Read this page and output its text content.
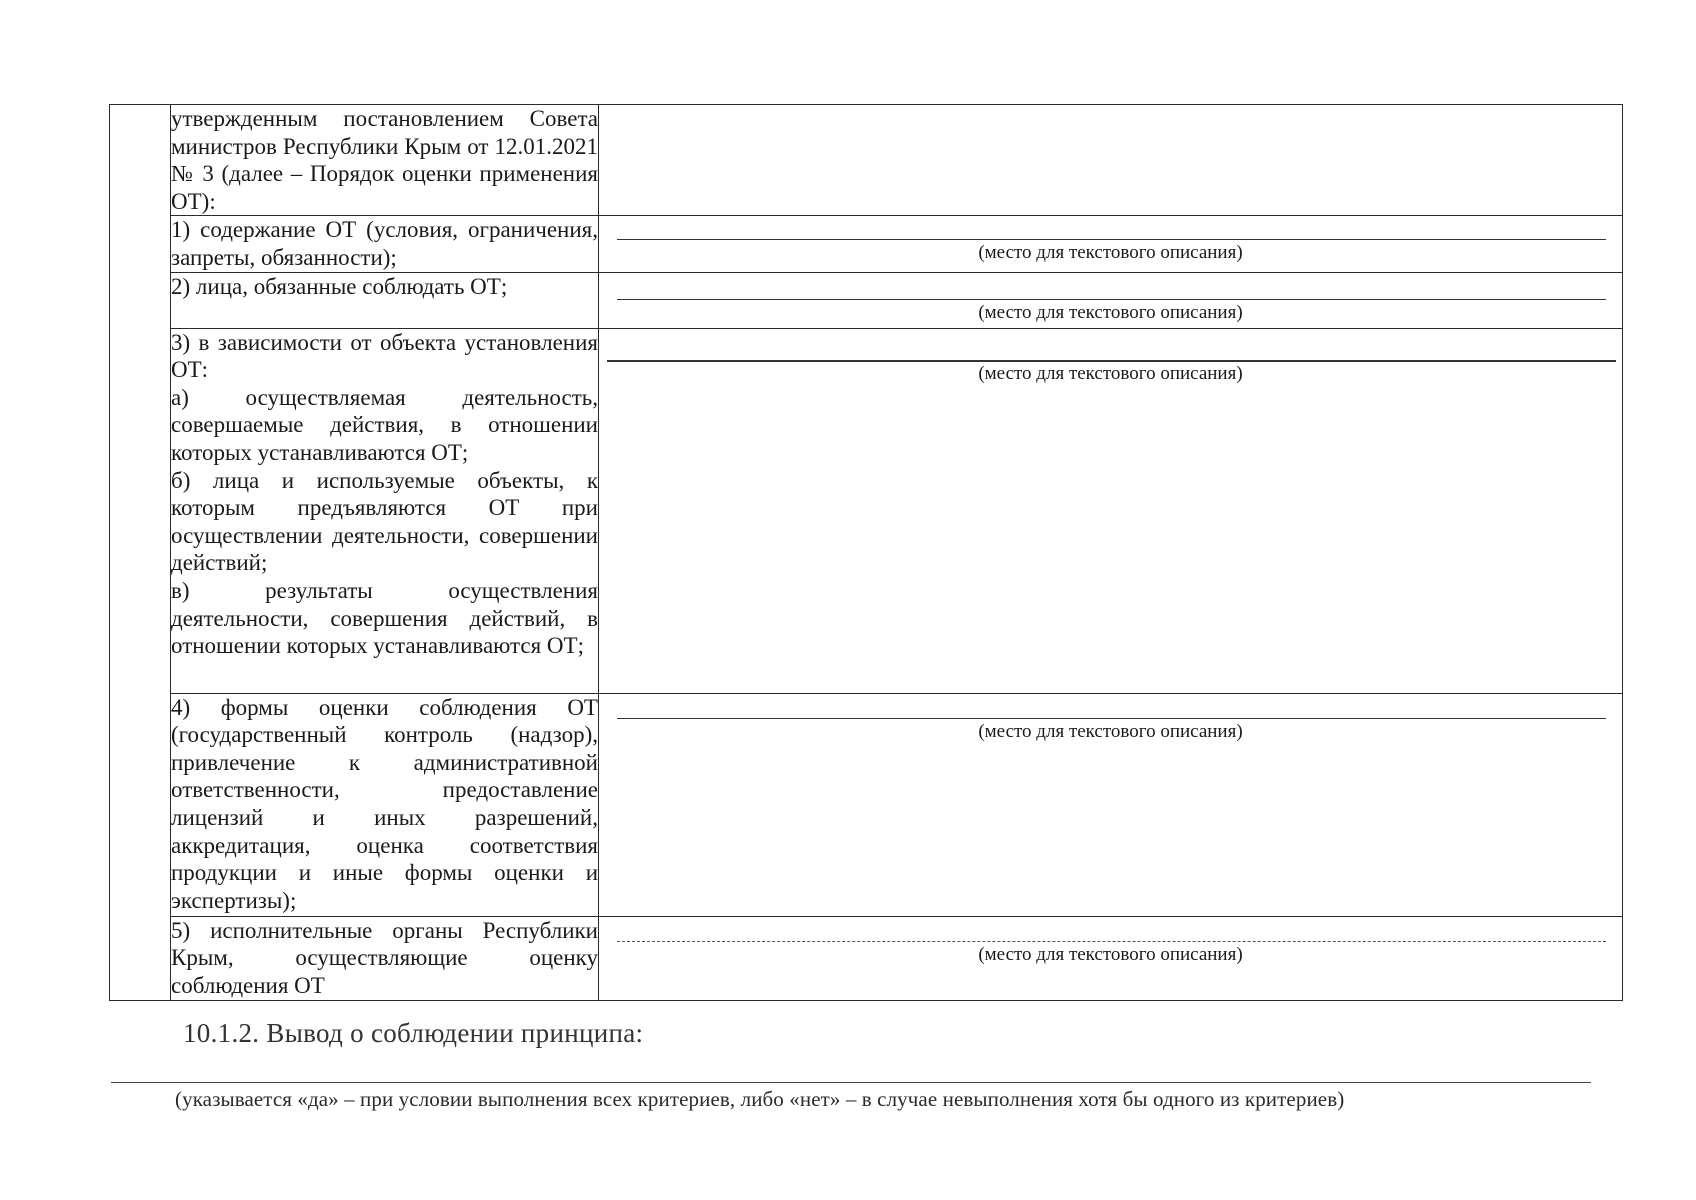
	утвержденным постановлением Совета министров Республики Крым от 12.01.2021 № 3 (далее – Порядок оценки применения ОТ):	

	1) содержание ОТ (условия, ограничения, запреты, обязанности);	(место для текстового описания)

	2) лица, обязанные соблюдать ОТ;	(место для текстового описания)

	3) в зависимости от объекта установления ОТ:
а) осуществляемая деятельность, совершаемые действия, в отношении которых устанавливаются ОТ;
б) лица и используемые объекты, к которым предъявляются ОТ при осуществлении деятельности, совершении действий;
в) результаты осуществления деятельности, совершения действий, в отношении которых устанавливаются ОТ;	(место для текстового описания)

	4) формы оценки соблюдения ОТ (государственный контроль (надзор), привлечение к административной ответственности, предоставление лицензий и иных разрешений, аккредитация, оценка соответствия продукции и иные формы оценки и экспертизы);	(место для текстового описания)

	5) исполнительные органы Республики Крым, осуществляющие оценку соблюдения ОТ	(место для текстового описания)
10.1.2. Вывод о соблюдении принципа:
(указывается «да» – при условии выполнения всех критериев, либо «нет» – в случае невыполнения хотя бы одного из критериев)
